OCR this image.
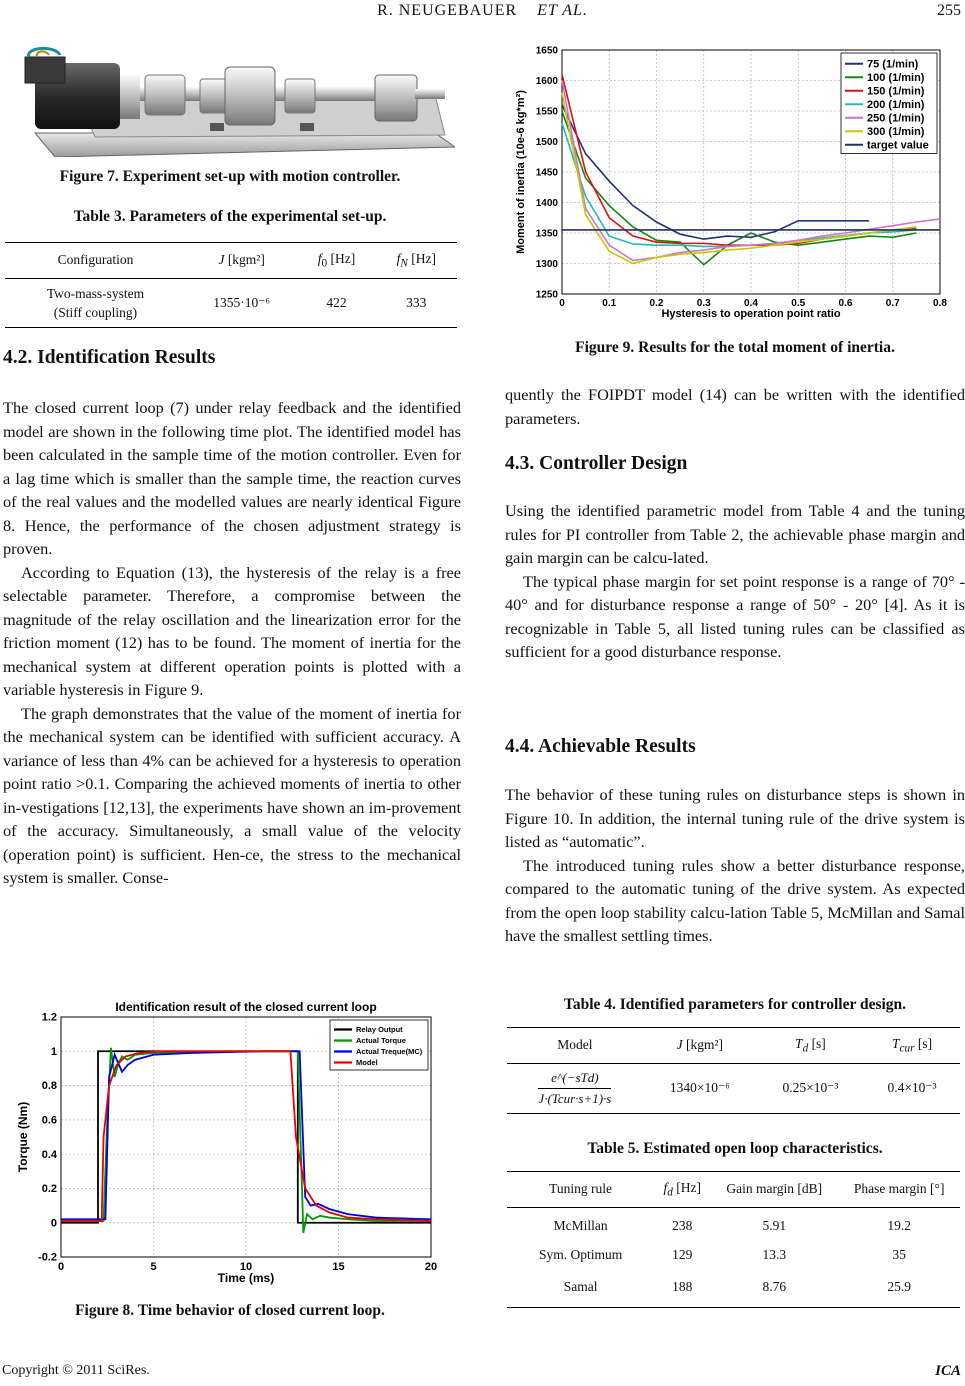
R. NEUGEBAUER ET AL.	255
Figure 7. Experiment set-up with motion controller.
Table 3. Parameters of the experimental set-up.
Configuration	J [kgm²]	$f_0$ [Hz]	$f_N$ [Hz]
Two-mass-system
(Stiff coupling)	1355·10⁻⁶	422	333
4.2. Identification Results

The closed current loop (7) under relay feedback and the identified model are shown in the following time plot. The identified model has been calculated in the sample time of the motion controller. Even for a lag time which is smaller than the sample time, the reaction curves of the real values and the modelled values are nearly identical Figure 8. Hence, the performance of the chosen adjustment strategy is proven.

According to Equation (13), the hysteresis of the relay is a free selectable parameter. Therefore, a compromise between the magnitude of the relay oscillation and the linearization error for the friction moment (12) has to be found. The moment of inertia for the mechanical system at different operation points is plotted with a variable hysteresis in Figure 9.

The graph demonstrates that the value of the moment of inertia for the mechanical system can be identified with sufficient accuracy. A variance of less than 4% can be achieved for a hysteresis to operation point ratio >0.1. Comparing the achieved moments of inertia to other in-vestigations [12,13], the experiments have shown an im-provement of the accuracy. Simultaneously, a small value of the velocity (operation point) is sufficient. Hen-ce, the stress to the mechanical system is smaller. Conse-

Identification result of the closed current loop
0	5	10	15	20
-0.2
0
0.2
0.4
0.6
0.8
1
1.2
Time (ms)
Torque (Nm)
Relay Output
Actual Torque
Actual Treque(MC)
Model
Figure 8. Time behavior of closed current loop.
0	0.1	0.2	0.3	0.4	0.5	0.6	0.7	0.8
1250
1300
1350
1400
1450
1500
1550
1600
1650
Hysteresis to operation point ratio
Moment of inertia (10e-6 kg*m²)
75 (1/min)
100 (1/min)
150 (1/min)
200 (1/min)
250 (1/min)
300 (1/min)
target value
Figure 9. Results for the total moment of inertia.

quently the FOIPDT model (14) can be written with the identified parameters.

4.3. Controller Design

Using the identified parametric model from Table 4 and the tuning rules for PI controller from Table 2, the achievable phase margin and gain margin can be calcu-lated.

The typical phase margin for set point response is a range of 70° - 40° and for disturbance response a range of 50° - 20° [4]. As it is recognizable in Table 5, all listed tuning rules can be classified as sufficient for a good disturbance response.

4.4. Achievable Results

The behavior of these tuning rules on disturbance steps is shown in Figure 10. In addition, the internal tuning rule of the drive system is listed as “automatic”.

The introduced tuning rules show a better disturbance response, compared to the automatic tuning of the drive system. As expected from the open loop stability calcu-lation Table 5, McMillan and Samal have the smallest settling times.

Table 4. Identified parameters for controller design.
Model	J [kgm²]	$T_d$ [s]	$T_{cur}$ [s]

e^(−sTd)
J·(Tcur·s+1)·s	1340×10⁻⁶	0.25×10⁻³	0.4×10⁻³
Table 5. Estimated open loop characteristics.
Tuning rule	$f_d$ [Hz]	Gain margin [dB]	Phase margin [°]
McMillan	238	5.91	19.2
Sym. Optimum	129	13.3	35
Samal	188	8.76	25.9
Copyright © 2011 SciRes.	ICA
